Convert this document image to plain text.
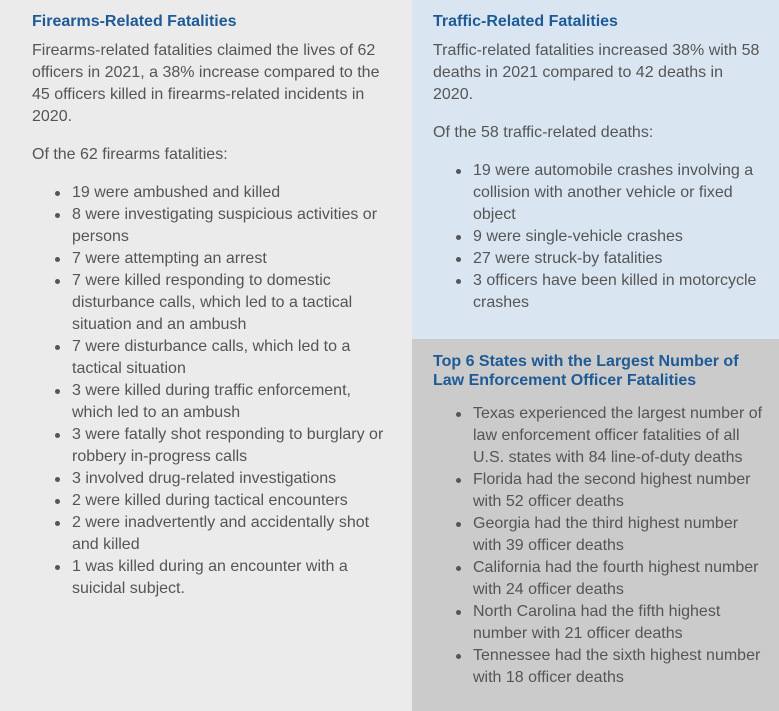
Firearms-Related Fatalities

Firearms-related fatalities claimed the lives of 62 officers in 2021, a 38% increase compared to the 45 officers killed in firearms-related incidents in 2020.

Of the 62 firearms fatalities:

19 were ambushed and killed
8 were investigating suspicious activities or persons
7 were attempting an arrest
7 were killed responding to domestic disturbance calls, which led to a tactical situation and an ambush
7 were disturbance calls, which led to a tactical situation
3 were killed during traffic enforcement, which led to an ambush
3 were fatally shot responding to burglary or robbery in-progress calls
3 involved drug-related investigations
2 were killed during tactical encounters
2 were inadvertently and accidentally shot and killed
1 was killed during an encounter with a suicidal subject.
Traffic-Related Fatalities

Traffic-related fatalities increased 38% with 58 deaths in 2021 compared to 42 deaths in 2020.

Of the 58 traffic-related deaths:

19 were automobile crashes involving a collision with another vehicle or fixed object
9 were single-vehicle crashes
27 were struck-by fatalities
3 officers have been killed in motorcycle crashes
Top 6 States with the Largest Number of Law Enforcement Officer Fatalities
Texas experienced the largest number of law enforcement officer fatalities of all U.S. states with 84 line-of-duty deaths
Florida had the second highest number with 52 officer deaths
Georgia had the third highest number with 39 officer deaths
California had the fourth highest number with 24 officer deaths
North Carolina had the fifth highest number with 21 officer deaths
Tennessee had the sixth highest number with 18 officer deaths
